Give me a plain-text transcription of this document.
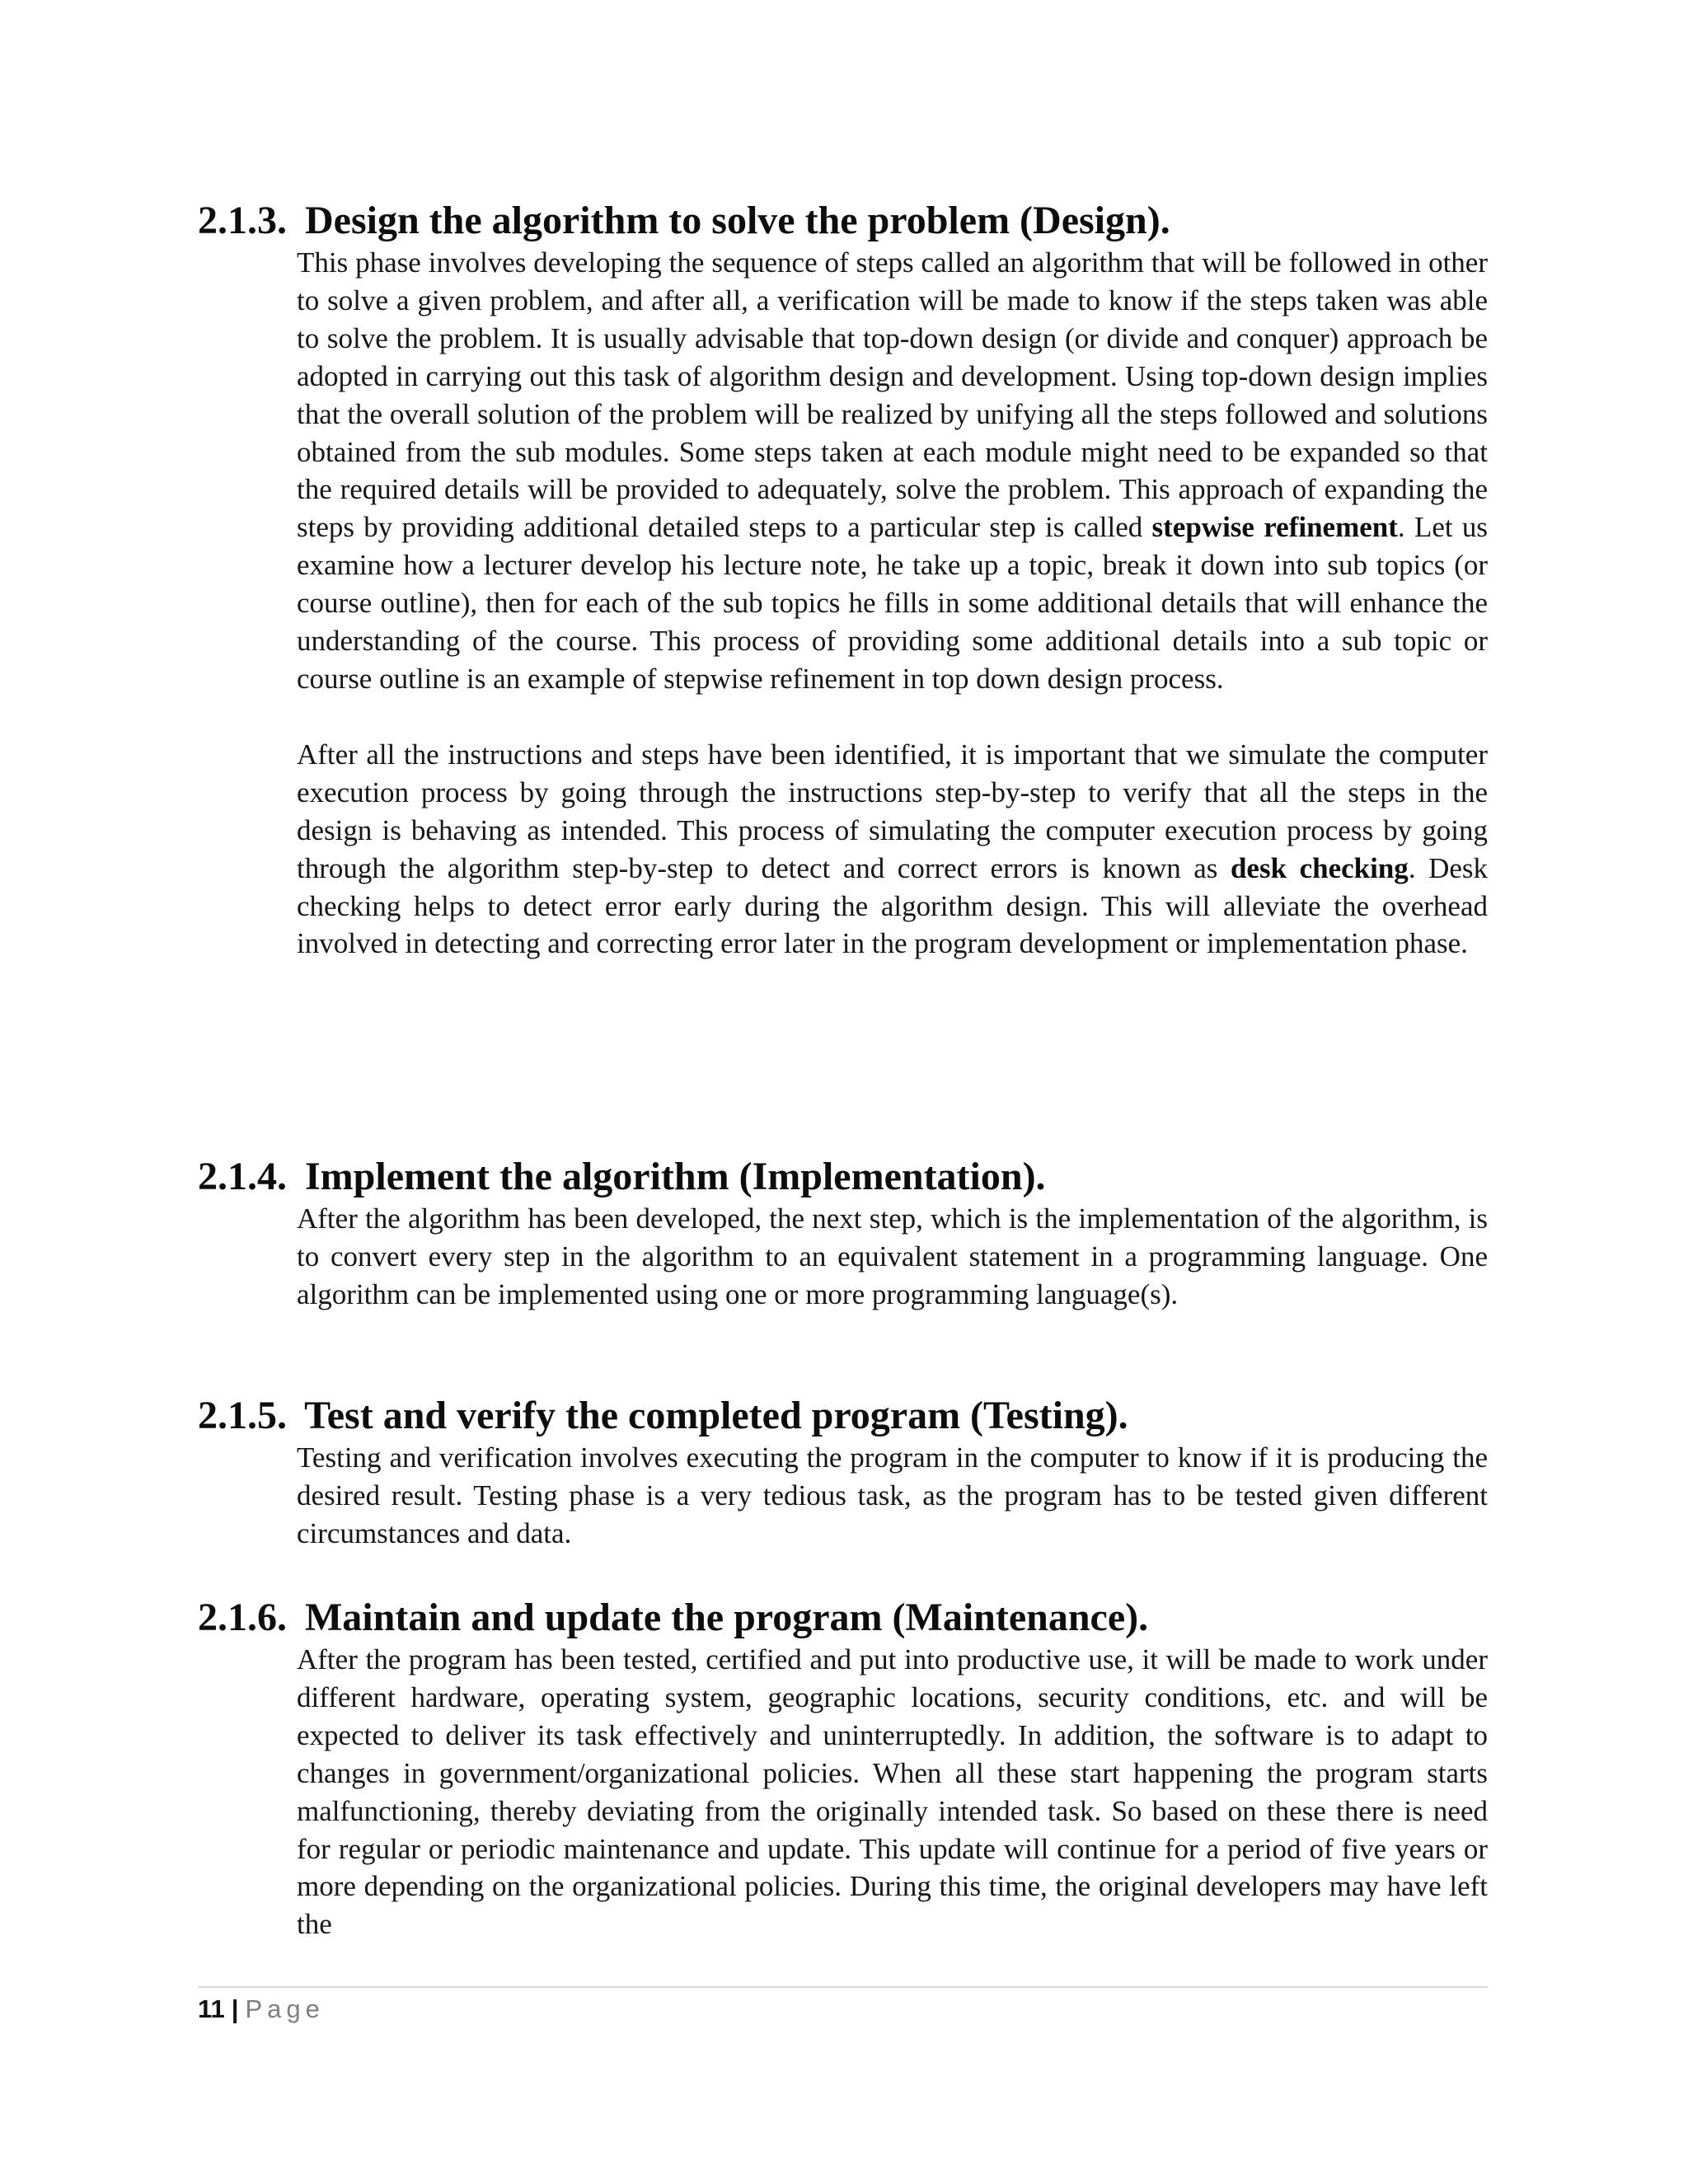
2.1.3. Design the algorithm to solve the problem (Design).

This phase involves developing the sequence of steps called an algorithm that will be followed in other to solve a given problem, and after all, a verification will be made to know if the steps taken was able to solve the problem. It is usually advisable that top-down design (or divide and conquer) approach be adopted in carrying out this task of algorithm design and development. Using top-down design implies that the overall solution of the problem will be realized by unifying all the steps followed and solutions obtained from the sub modules. Some steps taken at each module might need to be expanded so that the required details will be provided to adequately, solve the problem. This approach of expanding the steps by providing additional detailed steps to a particular step is called stepwise refinement. Let us examine how a lecturer develop his lecture note, he take up a topic, break it down into sub topics (or course outline), then for each of the sub topics he fills in some additional details that will enhance the understanding of the course. This process of providing some additional details into a sub topic or course outline is an example of stepwise refinement in top down design process.

After all the instructions and steps have been identified, it is important that we simulate the computer execution process by going through the instructions step-by-step to verify that all the steps in the design is behaving as intended. This process of simulating the computer execution process by going through the algorithm step-by-step to detect and correct errors is known as desk checking. Desk checking helps to detect error early during the algorithm design. This will alleviate the overhead involved in detecting and correcting error later in the program development or implementation phase.

2.1.4. Implement the algorithm (Implementation).

After the algorithm has been developed, the next step, which is the implementation of the algorithm, is to convert every step in the algorithm to an equivalent statement in a programming language. One algorithm can be implemented using one or more programming language(s).

2.1.5. Test and verify the completed program (Testing).

Testing and verification involves executing the program in the computer to know if it is producing the desired result. Testing phase is a very tedious task, as the program has to be tested given different circumstances and data.

2.1.6. Maintain and update the program (Maintenance).

After the program has been tested, certified and put into productive use, it will be made to work under different hardware, operating system, geographic locations, security conditions, etc. and will be expected to deliver its task effectively and uninterruptedly. In addition, the software is to adapt to changes in government/organizational policies. When all these start happening the program starts malfunctioning, thereby deviating from the originally intended task. So based on these there is need for regular or periodic maintenance and update. This update will continue for a period of five years or more depending on the organizational policies. During this time, the original developers may have left the

11 | Page
